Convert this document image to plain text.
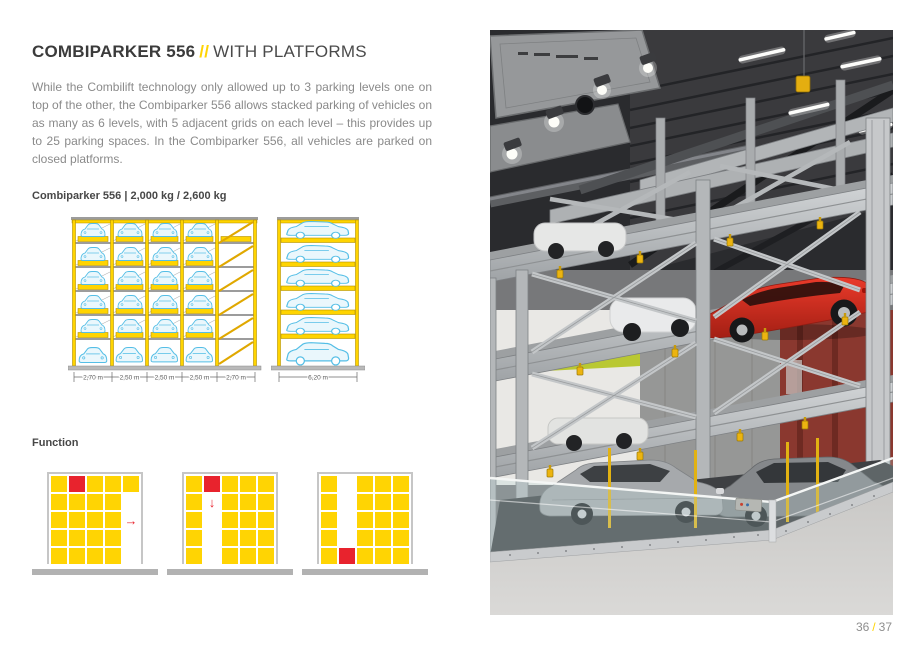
COMBIPARKER 556 // WITH PLATFORMS
While the Combilift technology only allowed up to 3 parking levels one on top of the other, the Combiparker 556 allows stacked parking of vehicles on as many as 6 levels, with 5 adjacent grids on each level – this provides up to 25 parking spaces. In the Combiparker 556, all vehicles are parked on closed platforms.
Combiparker 556 | 2,000 kg / 2,600 kg
2,70 m	2,50 m 2,50 m 2,50 m	2,70 m	6,20 m
Function
→
↓
36 / 37
